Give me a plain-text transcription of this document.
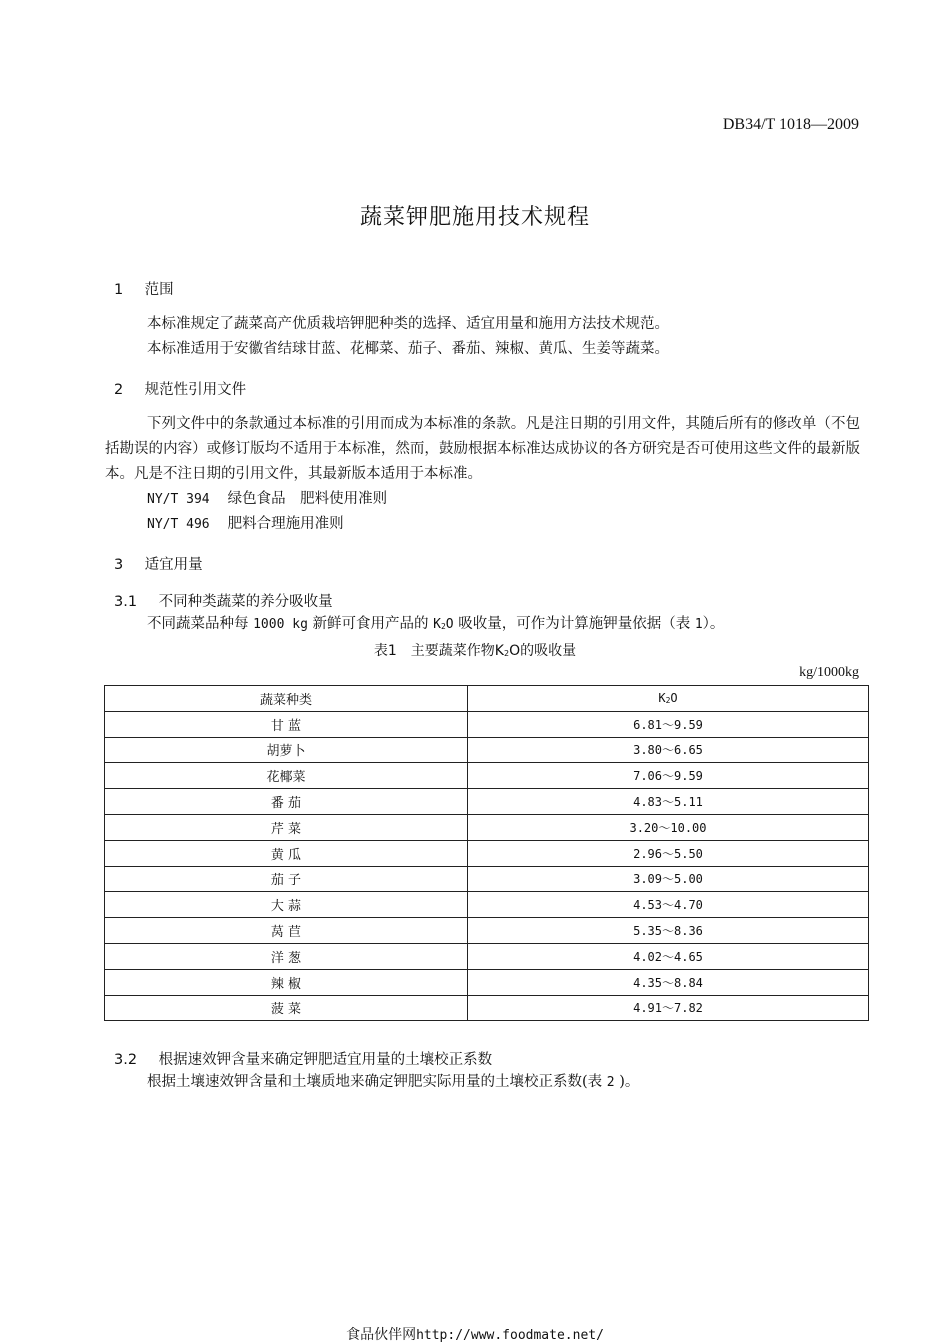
DB34/T 1018—2009
蔬菜钾肥施用技术规程
1 范围
本标准规定了蔬菜高产优质栽培钾肥种类的选择、适宜用量和施用方法技术规范。
本标准适用于安徽省结球甘蓝、花椰菜、茄子、番茄、辣椒、黄瓜、生姜等蔬菜。
2 规范性引用文件
下列文件中的条款通过本标准的引用而成为本标准的条款。凡是注日期的引用文件，其随后所有的修改单（不包括勘误的内容）或修订版均不适用于本标准，然而，鼓励根据本标准达成协议的各方研究是否可使用这些文件的最新版本。凡是不注日期的引用文件，其最新版本适用于本标准。
NY/T 394 绿色食品　肥料使用准则
NY/T 496 肥料合理施用准则
3 适宜用量
3.1 不同种类蔬菜的养分吸收量
不同蔬菜品种每 1000 kg 新鲜可食用产品的 $K_2O$ 吸收量，可作为计算施钾量依据（表 1）。
表1　主要蔬菜作物$K_2O$的吸收量
kg/1000kg
蔬菜种类	$K_2O$
甘 蓝	6.81～9.59
胡萝卜	3.80～6.65
花椰菜	7.06～9.59
番 茄	4.83～5.11
芹 菜	3.20～10.00
黄 瓜	2.96～5.50
茄 子	3.09～5.00
大 蒜	4.53～4.70
莴 苣	5.35～8.36
洋 葱	4.02～4.65
辣 椒	4.35～8.84
菠 菜	4.91～7.82
3.2 根据速效钾含量来确定钾肥适宜用量的土壤校正系数
根据土壤速效钾含量和土壤质地来确定钾肥实际用量的土壤校正系数(表 2 )。
食品伙伴网http://www.foodmate.net/
